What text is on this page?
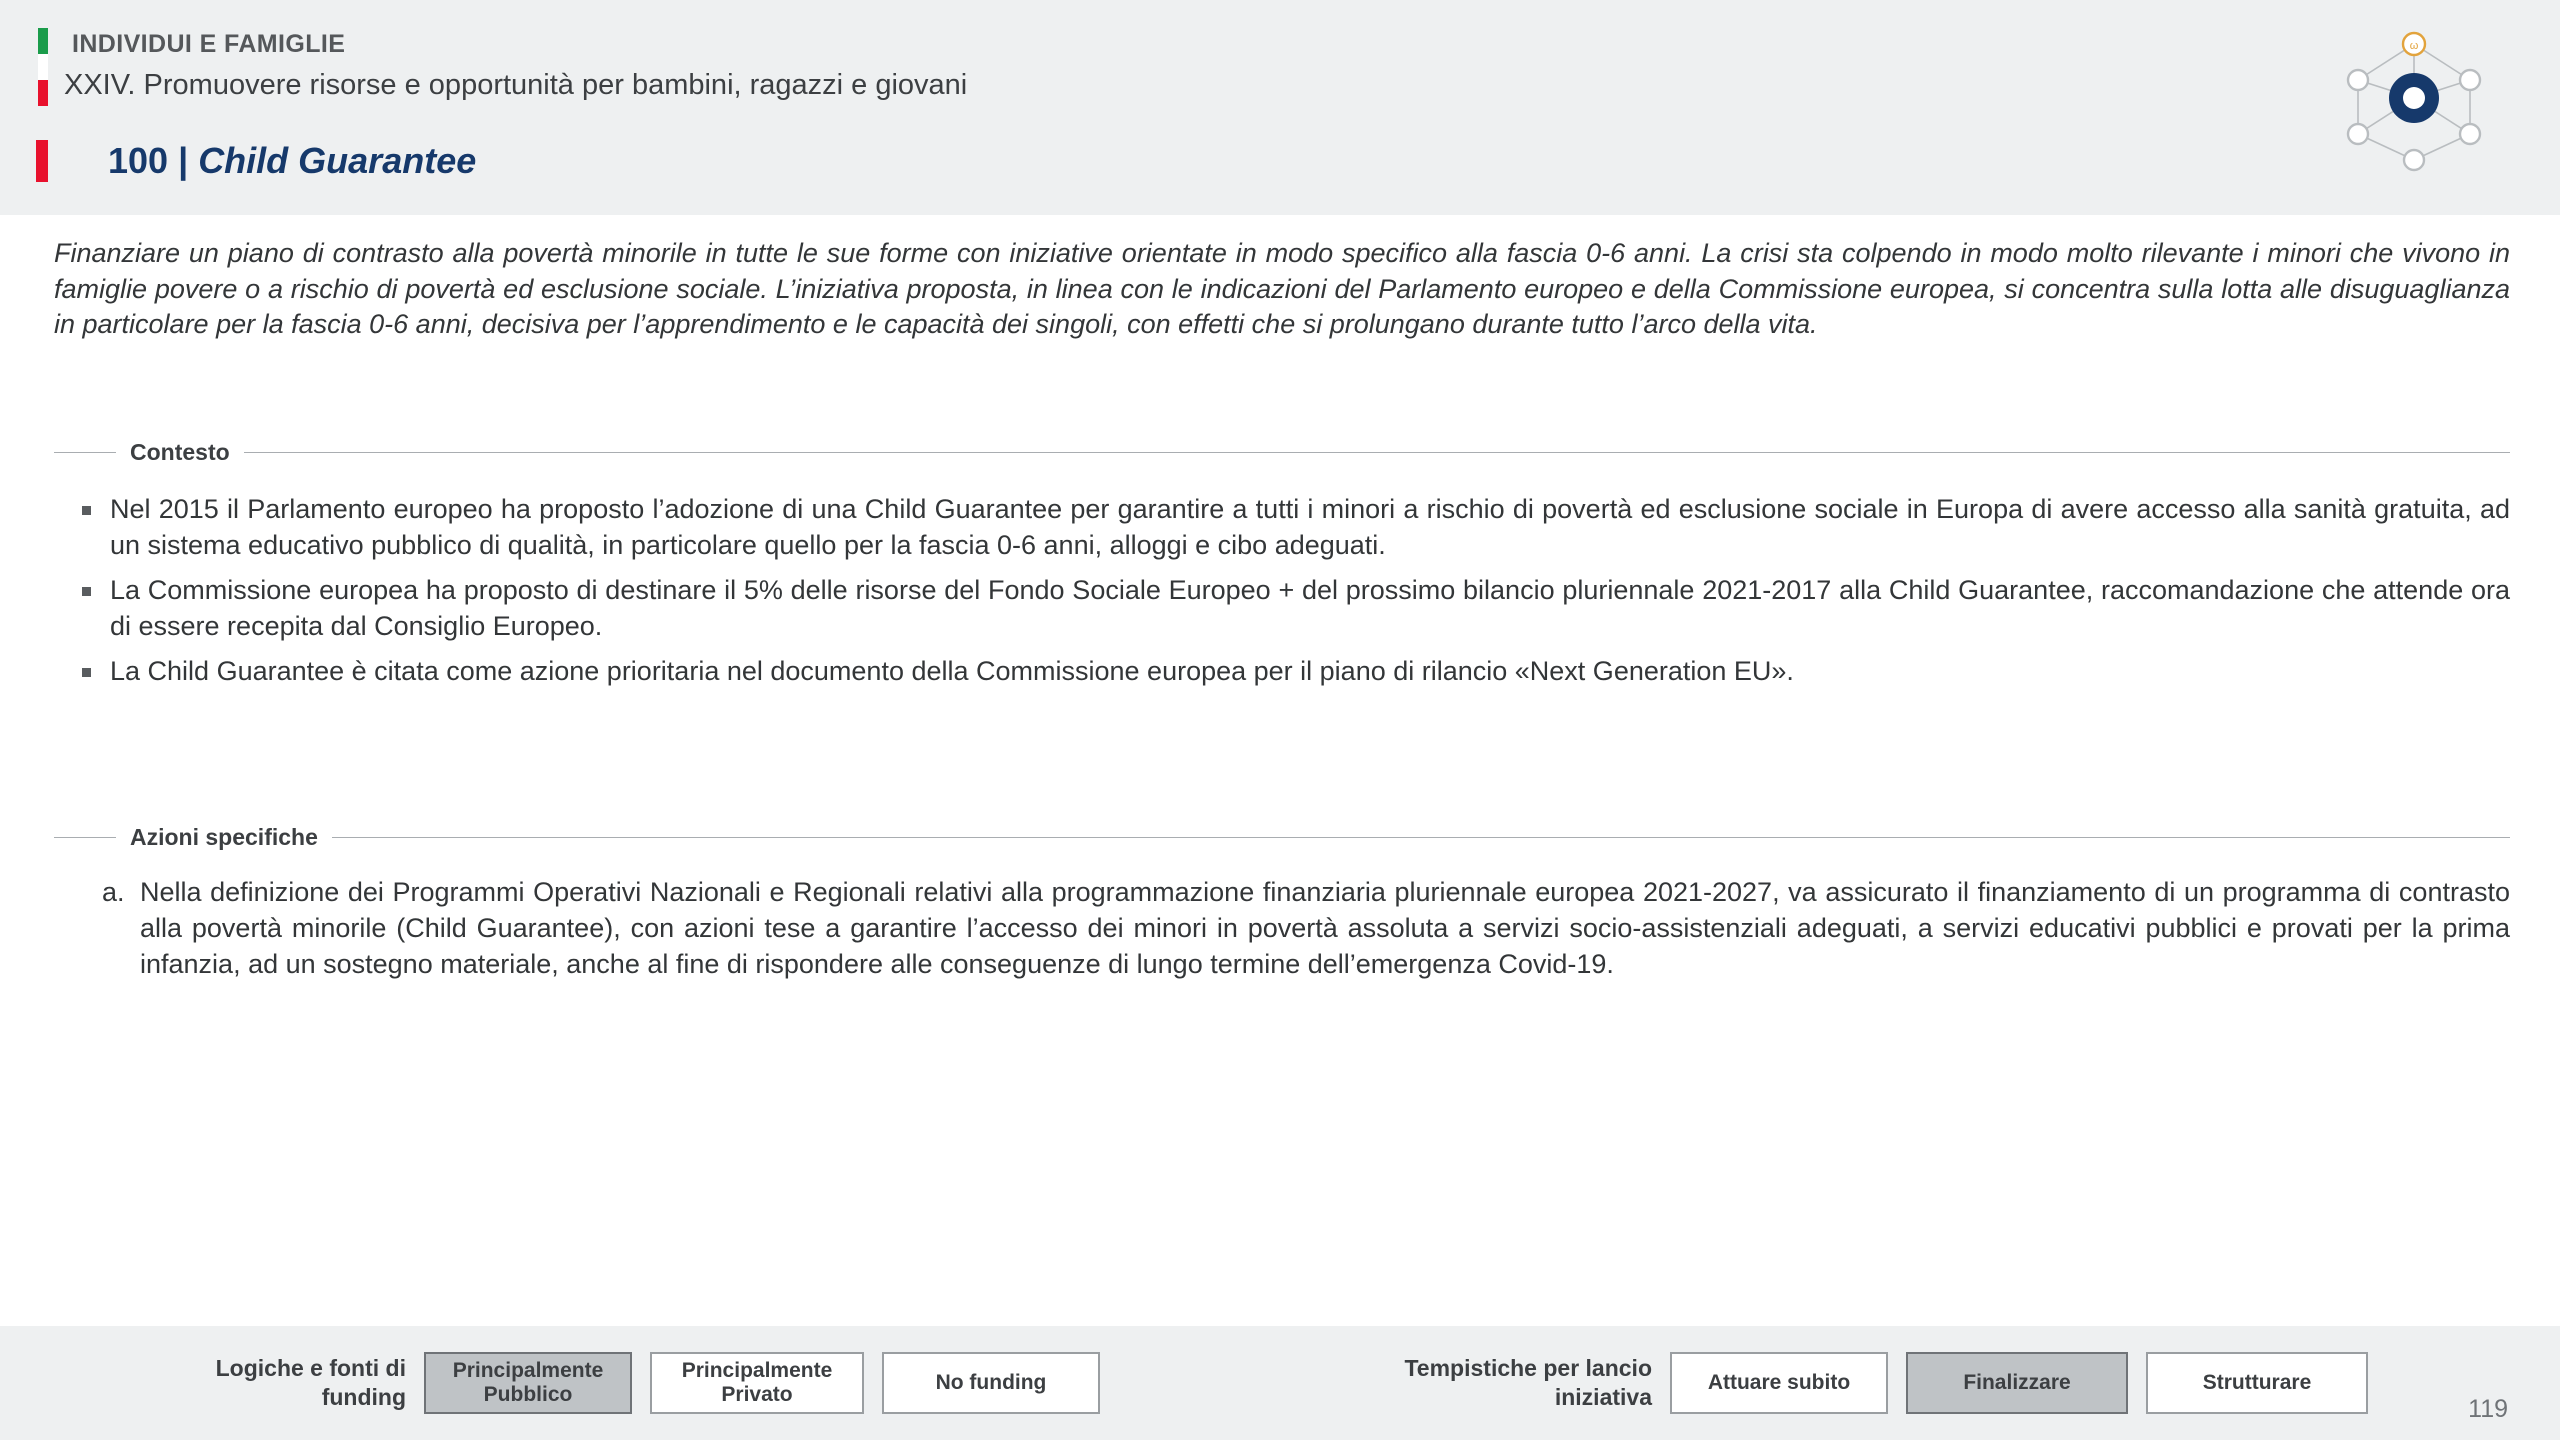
INDIVIDUI E FAMIGLIE
XXIV. Promuovere risorse e opportunità per bambini, ragazzi e giovani
100 | Child Guarantee
ω
Finanziare un piano di contrasto alla povertà minorile in tutte le sue forme con iniziative orientate in modo specifico alla fascia 0-6 anni. La crisi sta colpendo in modo molto rilevante i minori che vivono in famiglie povere o a rischio di povertà ed esclusione sociale. L’iniziativa proposta, in linea con le indicazioni del Parlamento europeo e della Commissione europea, si concentra sulla lotta alle disuguaglianza in particolare per la fascia 0-6 anni, decisiva per l’apprendimento e le capacità dei singoli, con effetti che si prolungano durante tutto l’arco della vita.
Contesto
Nel 2015 il Parlamento europeo ha proposto l’adozione di una Child Guarantee per garantire a tutti i minori a rischio di povertà ed esclusione sociale in Europa di avere accesso alla sanità gratuita, ad un sistema educativo pubblico di qualità, in particolare quello per la fascia 0-6 anni, alloggi e cibo adeguati.
La Commissione europea ha proposto di destinare il 5% delle risorse del Fondo Sociale Europeo + del prossimo bilancio pluriennale 2021-2017 alla Child Guarantee, raccomandazione che attende ora di essere recepita dal Consiglio Europeo.
La Child Guarantee è citata come azione prioritaria nel documento della Commissione europea per il piano di rilancio «Next Generation EU».
Azioni specifiche
a. Nella definizione dei Programmi Operativi Nazionali e Regionali relativi alla programmazione finanziaria pluriennale europea 2021-2027, va assicurato il finanziamento di un programma di contrasto alla povertà minorile (Child Guarantee), con azioni tese a garantire l’accesso dei minori in povertà assoluta a servizi socio-assistenziali adeguati, a servizi educativi pubblici e provati per la prima infanzia, ad un sostegno materiale, anche al fine di rispondere alle conseguenze di lungo termine dell’emergenza Covid-19.
Logiche e fonti di funding
Principalmente Pubblico
Principalmente Privato
No funding
Tempistiche per lancio iniziativa
Attuare subito	Finalizzare	Strutturare
119
